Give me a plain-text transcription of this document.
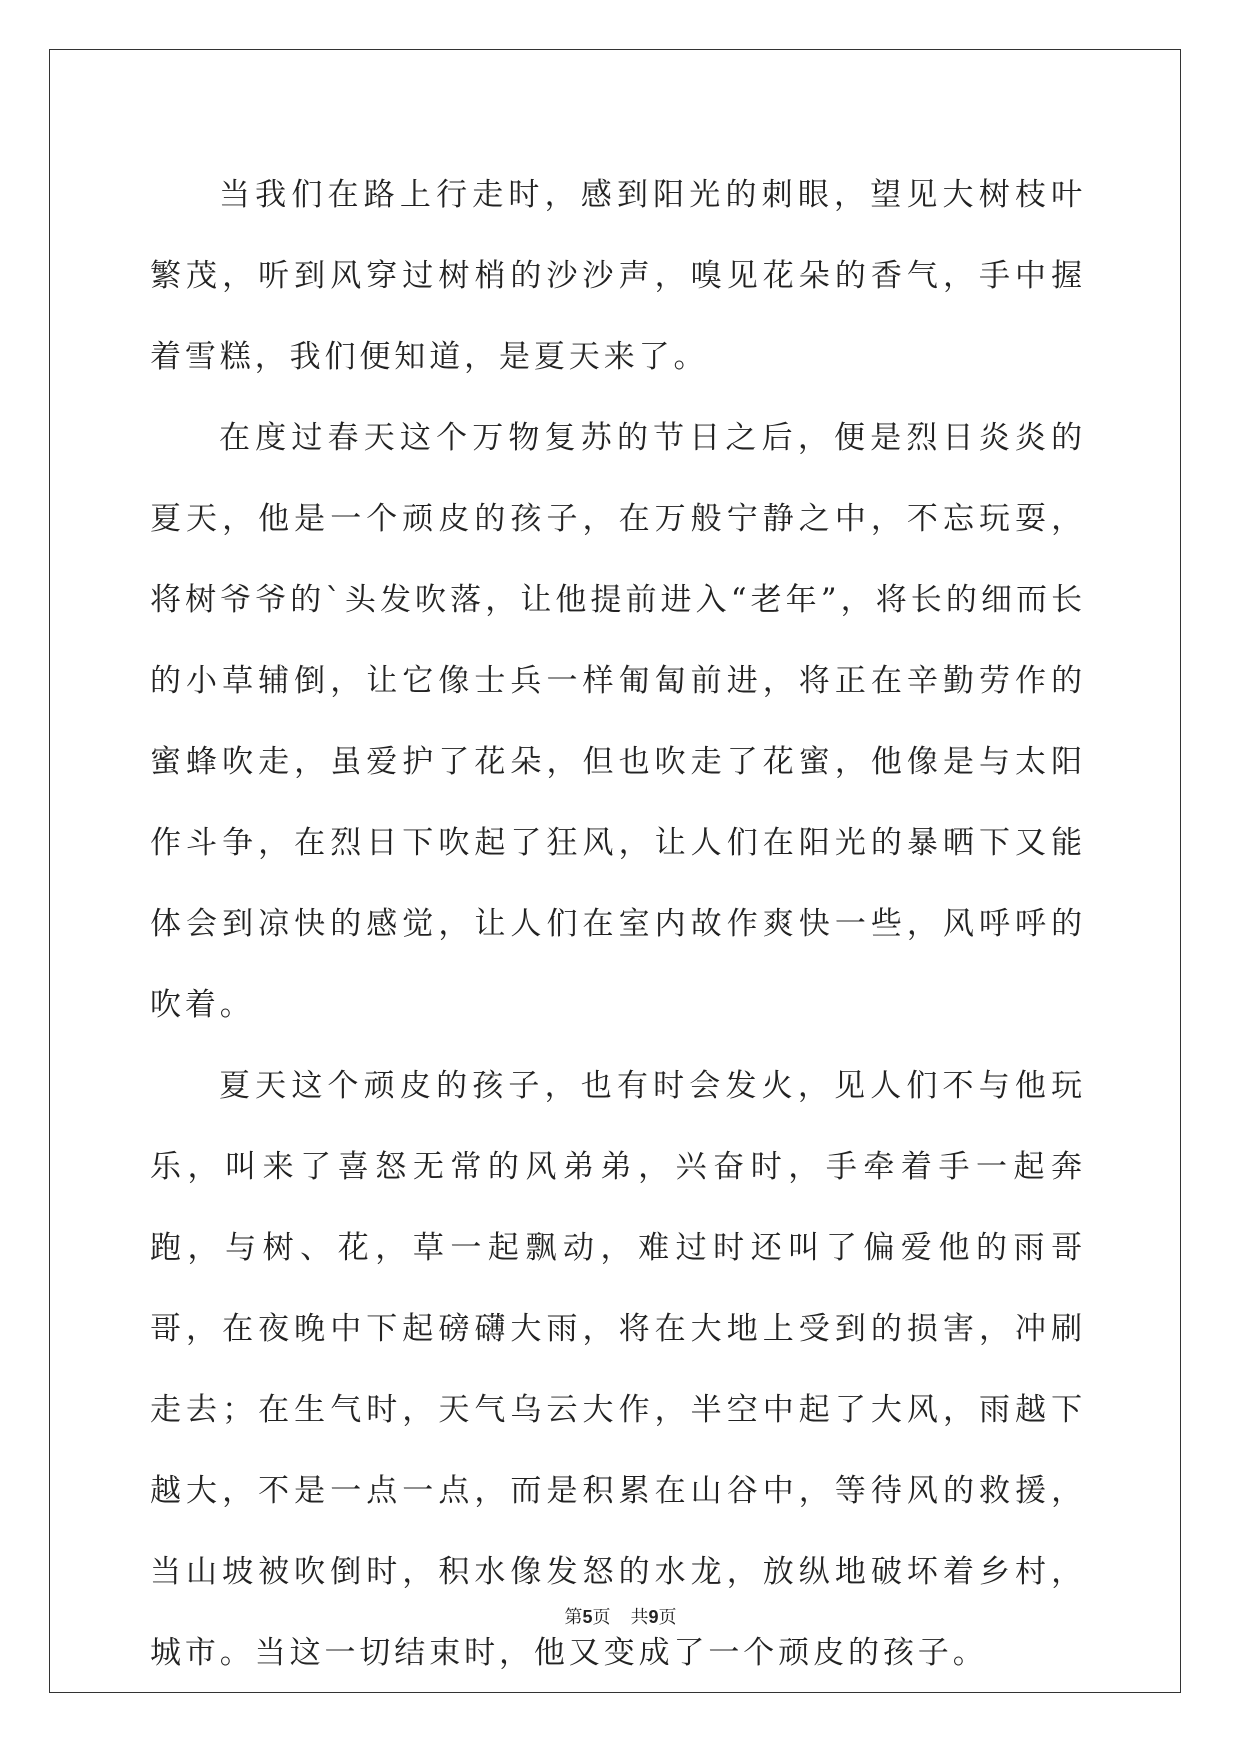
当我们在路上行走时，感到阳光的刺眼，望见大树枝叶繁茂，听到风穿过树梢的沙沙声，嗅见花朵的香气，手中握着雪糕，我们便知道，是夏天来了。

在度过春天这个万物复苏的节日之后，便是烈日炎炎的夏天，他是一个顽皮的孩子，在万般宁静之中，不忘玩耍，将树爷爷的`头发吹落，让他提前进入“老年”，将长的细而长的小草辅倒，让它像士兵一样匍匐前进，将正在辛勤劳作的蜜蜂吹走，虽爱护了花朵，但也吹走了花蜜，他像是与太阳作斗争，在烈日下吹起了狂风，让人们在阳光的暴晒下又能体会到凉快的感觉，让人们在室内故作爽快一些，风呼呼的吹着。

夏天这个顽皮的孩子，也有时会发火，见人们不与他玩乐，叫来了喜怒无常的风弟弟，兴奋时，手牵着手一起奔跑，与树、花，草一起飘动，难过时还叫了偏爱他的雨哥哥，在夜晚中下起磅礴大雨，将在大地上受到的损害，冲刷走去；在生气时，天气乌云大作，半空中起了大风，雨越下越大，不是一点一点，而是积累在山谷中，等待风的救援，当山坡被吹倒时，积水像发怒的水龙，放纵地破坏着乡村，城市。当这一切结束时，他又变成了一个顽皮的孩子。

第5页 共9页
